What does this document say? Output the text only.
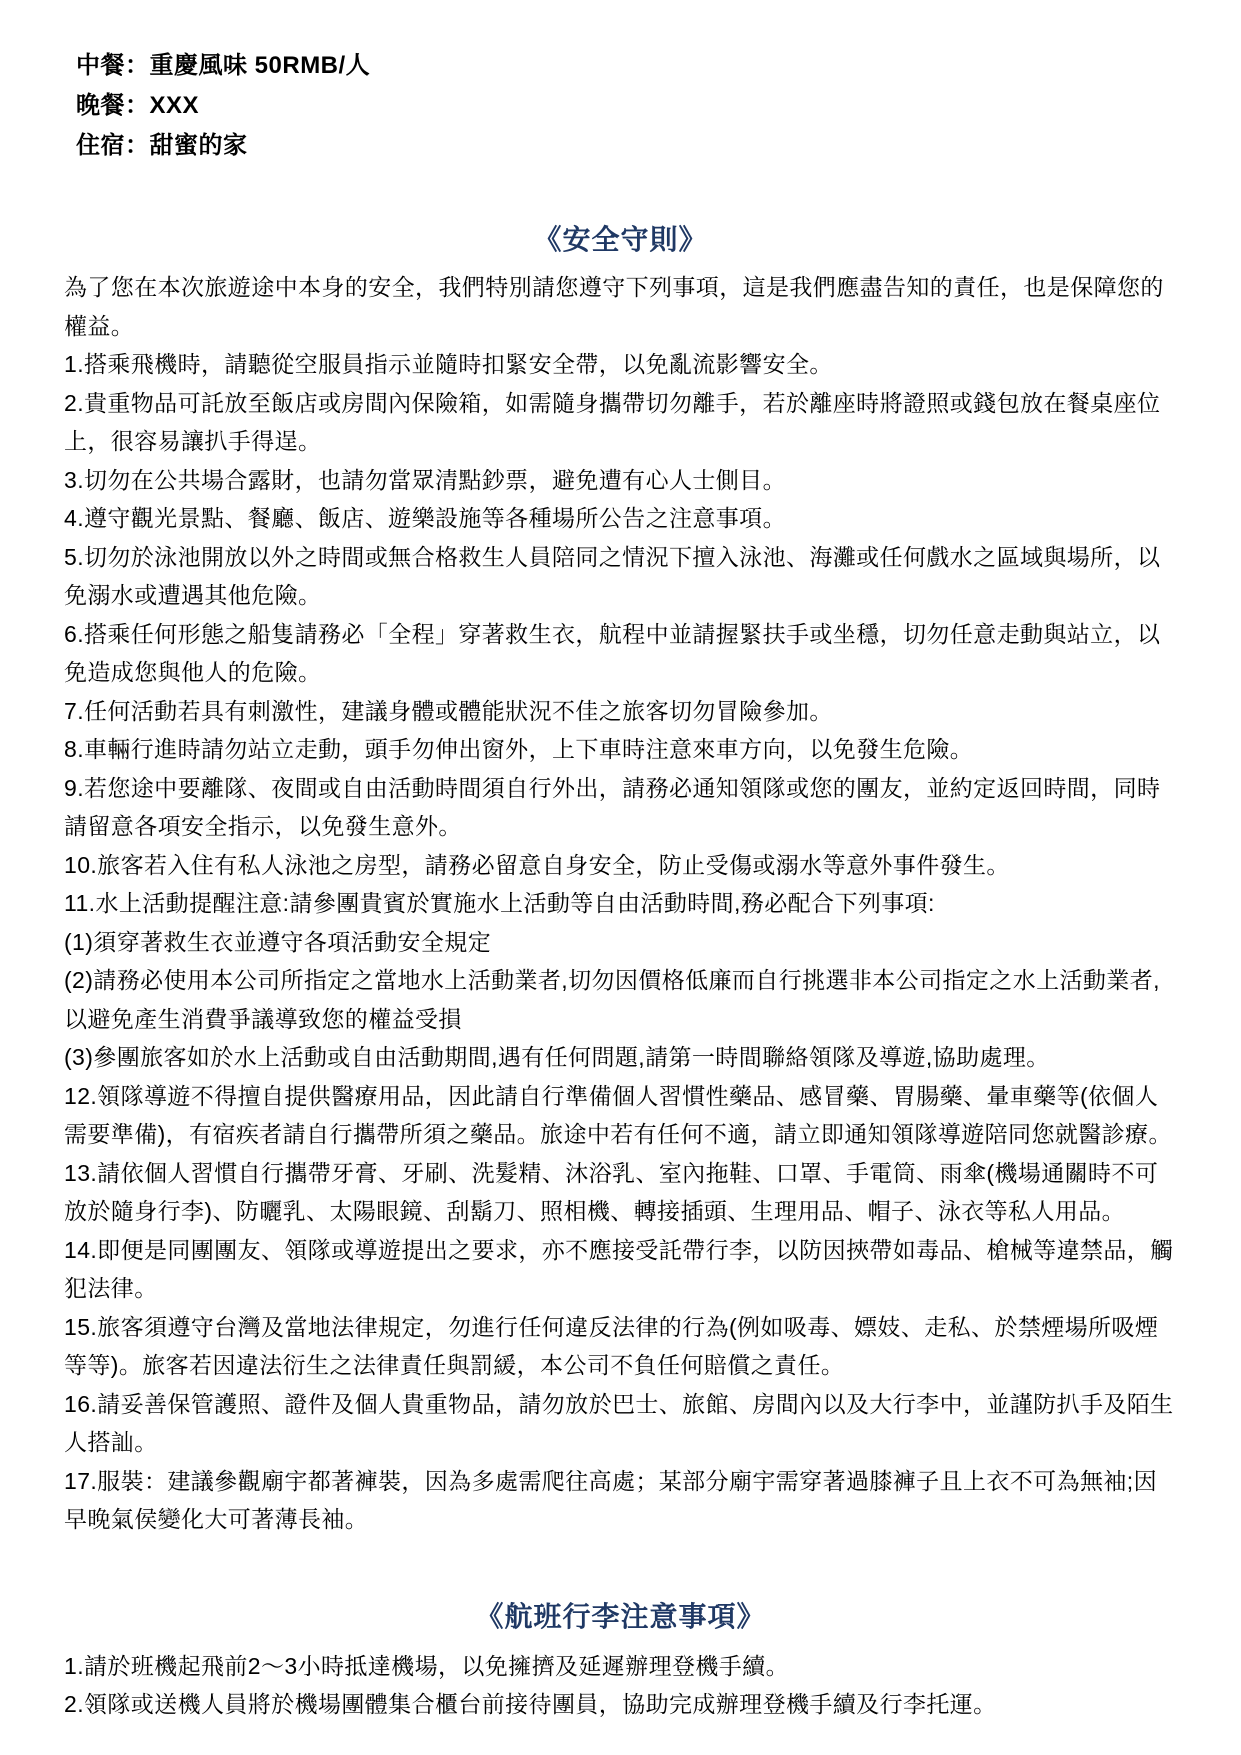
中餐：重慶風味 50RMB/人
晚餐：XXX
住宿：甜蜜的家
《安全守則》

為了您在本次旅遊途中本身的安全，我們特別請您遵守下列事項，這是我們應盡告知的責任，也是保障您的權益。

1.搭乘飛機時，請聽從空服員指示並隨時扣緊安全帶，以免亂流影響安全。

2.貴重物品可託放至飯店或房間內保險箱，如需隨身攜帶切勿離手，若於離座時將證照或錢包放在餐桌座位上，很容易讓扒手得逞。

3.切勿在公共場合露財，也請勿當眾清點鈔票，避免遭有心人士側目。

4.遵守觀光景點、餐廳、飯店、遊樂設施等各種場所公告之注意事項。

5.切勿於泳池開放以外之時間或無合格救生人員陪同之情況下擅入泳池、海灘或任何戲水之區域與場所，以免溺水或遭遇其他危險。

6.搭乘任何形態之船隻請務必「全程」穿著救生衣，航程中並請握緊扶手或坐穩，切勿任意走動與站立，以免造成您與他人的危險。

7.任何活動若具有刺激性，建議身體或體能狀況不佳之旅客切勿冒險參加。

8.車輛行進時請勿站立走動，頭手勿伸出窗外，上下車時注意來車方向，以免發生危險。

9.若您途中要離隊、夜間或自由活動時間須自行外出，請務必通知領隊或您的團友，並約定返回時間，同時請留意各項安全指示，以免發生意外。

10.旅客若入住有私人泳池之房型，請務必留意自身安全，防止受傷或溺水等意外事件發生。

11.水上活動提醒注意:請參團貴賓於實施水上活動等自由活動時間,務必配合下列事項:

(1)須穿著救生衣並遵守各項活動安全規定

(2)請務必使用本公司所指定之當地水上活動業者,切勿因價格低廉而自行挑選非本公司指定之水上活動業者,以避免產生消費爭議導致您的權益受損

(3)參團旅客如於水上活動或自由活動期間,遇有任何問題,請第一時間聯絡領隊及導遊,協助處理。

12.領隊導遊不得擅自提供醫療用品，因此請自行準備個人習慣性藥品、感冒藥、胃腸藥、暈車藥等(依個人需要準備)，有宿疾者請自行攜帶所須之藥品。旅途中若有任何不適，請立即通知領隊導遊陪同您就醫診療。

13.請依個人習慣自行攜帶牙膏、牙刷、洗髮精、沐浴乳、室內拖鞋、口罩、手電筒、雨傘(機場通關時不可放於隨身行李)、防曬乳、太陽眼鏡、刮鬍刀、照相機、轉接插頭、生理用品、帽子、泳衣等私人用品。

14.即便是同團團友、領隊或導遊提出之要求，亦不應接受託帶行李，以防因挾帶如毒品、槍械等違禁品，觸犯法律。

15.旅客須遵守台灣及當地法律規定，勿進行任何違反法律的行為(例如吸毒、嫖妓、走私、於禁煙場所吸煙等等)。旅客若因違法衍生之法律責任與罰緩，本公司不負任何賠償之責任。

16.請妥善保管護照、證件及個人貴重物品，請勿放於巴士、旅館、房間內以及大行李中，並謹防扒手及陌生人搭訕。

17.服裝：建議參觀廟宇都著褲裝，因為多處需爬往高處；某部分廟宇需穿著過膝褲子且上衣不可為無袖;因早晚氣侯變化大可著薄長袖。

《航班行李注意事項》

1.請於班機起飛前2～3小時抵達機場，以免擁擠及延遲辦理登機手續。

2.領隊或送機人員將於機場團體集合櫃台前接待團員，協助完成辦理登機手續及行李托運。
